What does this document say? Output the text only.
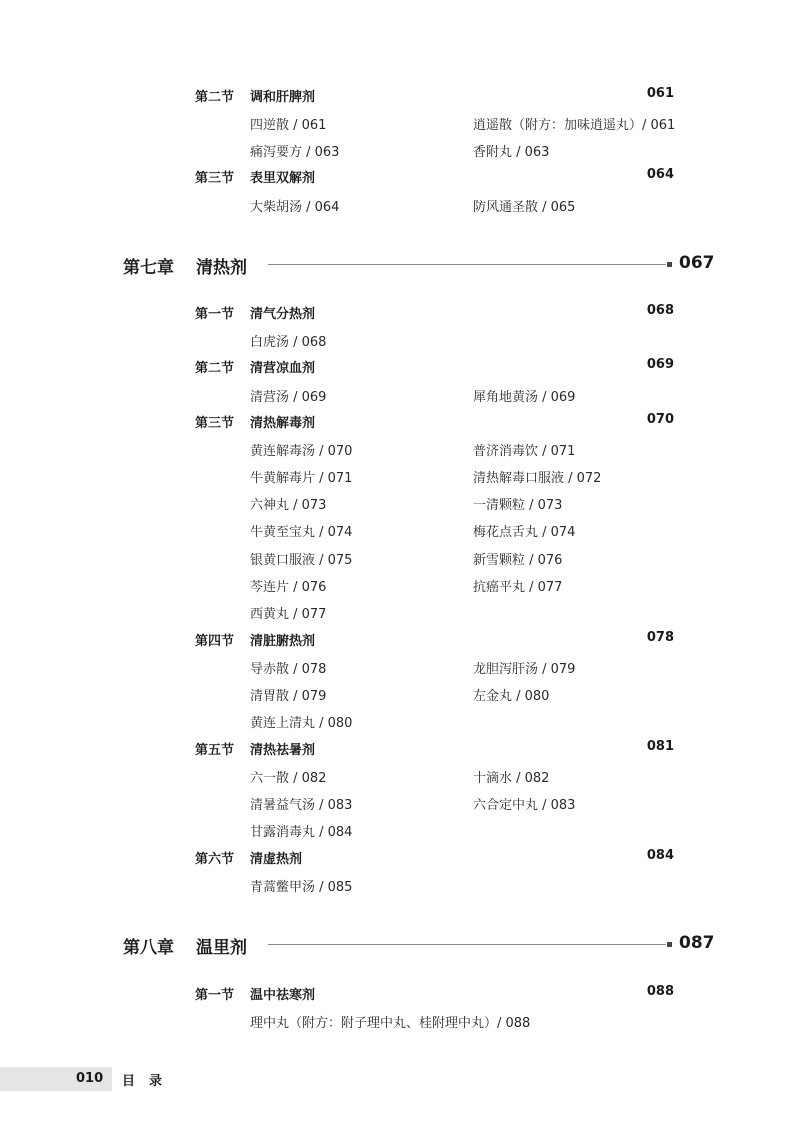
第二节 调和肝脾剂	061
四逆散 / 061	逍遥散（附方：加味逍遥丸）/ 061
痛泻要方 / 063	香附丸 / 063
第三节 表里双解剂	064
大柴胡汤 / 064	防风通圣散 / 065
第七章 清热剂	067
第一节 清气分热剂	068
白虎汤 / 068
第二节 清营凉血剂	069
清营汤 / 069	犀角地黄汤 / 069
第三节 清热解毒剂	070
黄连解毒汤 / 070	普济消毒饮 / 071
牛黄解毒片 / 071	清热解毒口服液 / 072
六神丸 / 073	一清颗粒 / 073
牛黄至宝丸 / 074	梅花点舌丸 / 074
银黄口服液 / 075	新雪颗粒 / 076
芩连片 / 076	抗癌平丸 / 077
西黄丸 / 077
第四节 清脏腑热剂	078
导赤散 / 078	龙胆泻肝汤 / 079
清胃散 / 079	左金丸 / 080
黄连上清丸 / 080
第五节 清热祛暑剂	081
六一散 / 082	十滴水 / 082
清暑益气汤 / 083	六合定中丸 / 083
甘露消毒丸 / 084
第六节 清虚热剂	084
青蒿鳖甲汤 / 085
第八章 温里剂	087
第一节 温中祛寒剂	088
理中丸（附方：附子理中丸、桂附理中丸）/ 088
010 目录
